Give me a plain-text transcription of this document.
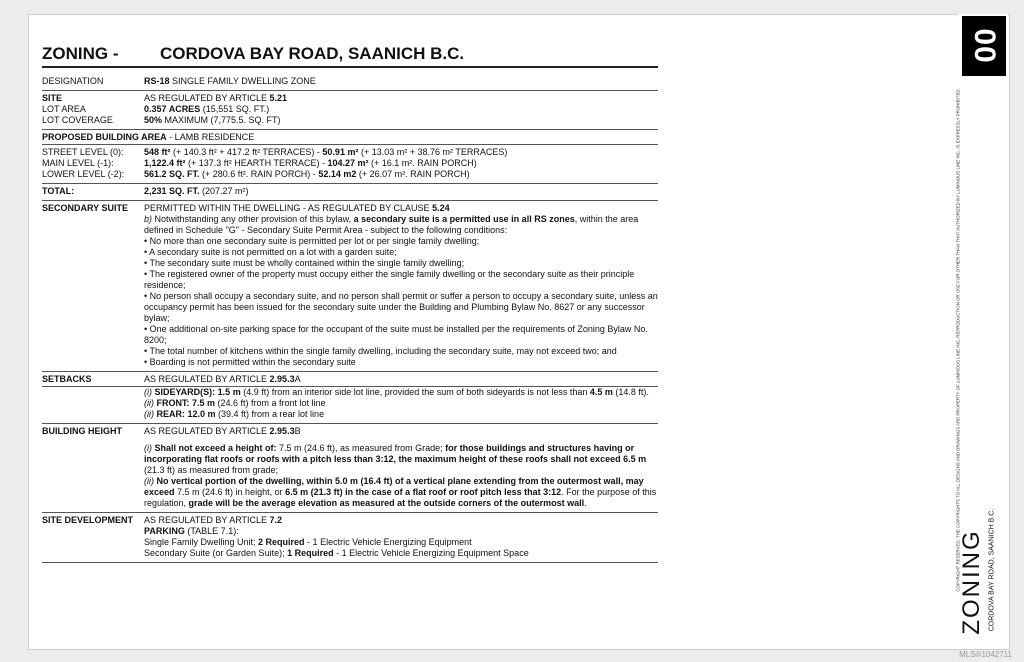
ZONING - CORDOVA BAY ROAD, SAANICH B.C.
DESIGNATION	RS-18 SINGLE FAMILY DWELLING ZONE
SITE	AS REGULATED BY ARTICLE 5.21
LOT AREA	0.357 ACRES (15,551 SQ. FT.)
LOT COVERAGE	50% MAXIMUM (7,775.5. SQ. FT)
PROPOSED BUILDING AREA - LAMB RESIDENCE
STREET LEVEL (0):	548 ft² (+ 140.3 ft² + 417.2 ft² TERRACES) - 50.91 m² (+ 13.03 m² + 38.76 m² TERRACES)
MAIN LEVEL (-1):	1,122.4 ft² (+ 137.3 ft² HEARTH TERRACE) - 104.27 m² (+ 16.1 m². RAIN PORCH)
LOWER LEVEL (-2):	561.2 SQ. FT. (+ 280.6 ft². RAIN PORCH) - 52.14 m2 (+ 26.07 m². RAIN PORCH)
TOTAL:	2,231 SQ. FT. (207.27 m²)
SECONDARY SUITE	PERMITTED WITHIN THE DWELLING - AS REGULATED BY CLAUSE 5.24
b) Notwithstanding any other provision of this bylaw, a secondary suite is a permitted use in all RS zones, within the area defined in Schedule "G" - Secondary Suite Permit Area - subject to the following conditions:
• No more than one secondary suite is permitted per lot or per single family dwelling;
• A secondary suite is not permitted on a lot with a garden suite;
• The secondary suite must be wholly contained within the single family dwelling;
• The registered owner of the property must occupy either the single family dwelling or the secondary suite as their principle residence;
• No person shall occupy a secondary suite, and no person shall permit or suffer a person to occupy a secondary suite, unless an occupancy permit has been issued for the secondary suite under the Building and Plumbing Bylaw No. 8627 or any successor bylaw;
• One additional on-site parking space for the occupant of the suite must be installed per the requirements of Zoning Bylaw No. 8200;
• The total number of kitchens within the single family dwelling, including the secondary suite, may not exceed two; and
• Boarding is not permitted within the secondary suite
SETBACKS	AS REGULATED BY ARTICLE 2.95.3A
(i) SIDEYARD(S): 1.5 m (4.9 ft) from an interior side lot line, provided the sum of both sideyards is not less than 4.5 m (14.8 ft).
(ii) FRONT: 7.5 m (24.6 ft) from a front lot line
(ii) REAR: 12.0 m (39.4 ft) from a rear lot line
BUILDING HEIGHT	AS REGULATED BY ARTICLE 2.95.3B
(i) Shall not exceed a height of: 7.5 m (24.6 ft), as measured from Grade; for those buildings and structures having or incorporating flat roofs or roofs with a pitch less than 3:12, the maximum height of these roofs shall not exceed 6.5 m (21.3 ft) as measured from grade;
(ii) No vertical portion of the dwelling, within 5.0 m (16.4 ft) of a vertical plane extending from the outermost wall, may exceed 7.5 m (24.6 ft) in height, or 6.5 m (21.3 ft) in the case of a flat roof or roof pitch less that 3:12. For the purpose of this regulation, grade will be the average elevation as measured at the outside corners of the outermost wall.
SITE DEVELOPMENT	AS REGULATED BY ARTICLE 7.2
PARKING (TABLE 7.1):
Single Family Dwelling Unit; 2 Required - 1 Electric Vehicle Energizing Equipment
Secondary Suite (or Garden Suite); 1 Required - 1 Electric Vehicle Energizing Equipment Space
00
COPYRIGHT RESERVED. THE COPYRIGHTS TO ALL DESIGNS AND DRAWINGS ARE PROPERTY OF LUMINOUS LINE INC. REPRODUCTION OR USE FOR OTHER THAN THAT AUTHORIZED BY LUMINOUS LINE INC. IS EXPRESSLY PROHIBITED.
ZONING CORDOVA BAY ROAD, SAANICH B.C.
MLS®1042711
